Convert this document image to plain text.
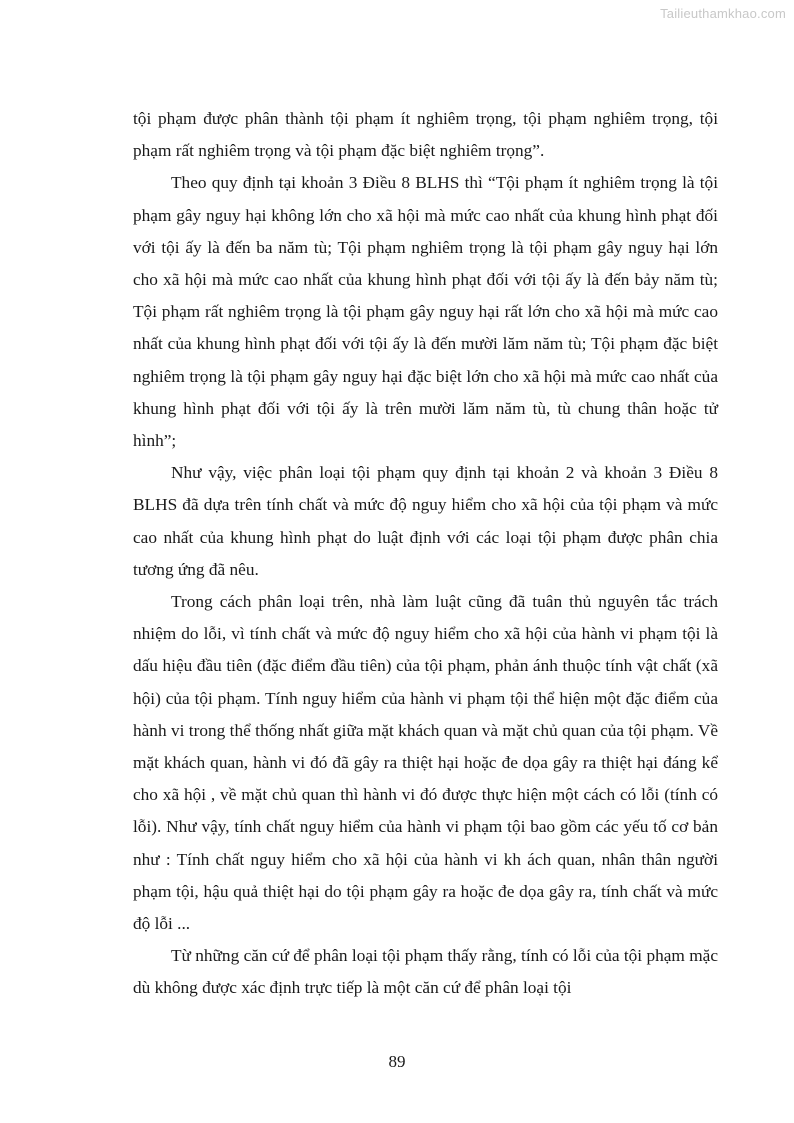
Tailieuthamkhao.com

tội phạm được phân thành tội phạm ít nghiêm trọng, tội phạm nghiêm trọng, tội phạm rất nghiêm trọng và tội phạm đặc biệt nghiêm trọng”.

Theo quy định tại khoản 3 Điều 8 BLHS thì “Tội phạm ít nghiêm trọng là tội phạm gây nguy hại không lớn cho xã hội mà mức cao nhất của khung hình phạt đối với tội ấy là đến ba năm tù; Tội phạm nghiêm trọng là tội phạm gây nguy hại lớn cho xã hội mà mức cao nhất của khung hình phạt đối với tội ấy là đến bảy năm tù; Tội phạm rất nghiêm trọng là tội phạm gây nguy hại rất lớn cho xã hội mà mức cao nhất của khung hình phạt đối với tội ấy là đến mười lăm năm tù; Tội phạm đặc biệt nghiêm trọng là tội phạm gây nguy hại đặc biệt lớn cho xã hội mà mức cao nhất của khung hình phạt đối với tội ấy là trên mười lăm năm tù, tù chung thân hoặc tử hình”;

Như vậy, việc phân loại tội phạm quy định tại khoản 2 và khoản 3 Điều 8 BLHS đã dựa trên tính chất và mức độ nguy hiểm cho xã hội của tội phạm và mức cao nhất của khung hình phạt do luật định với các loại tội phạm được phân chia tương ứng đã nêu.

Trong cách phân loại trên, nhà làm luật cũng đã tuân thủ nguyên tắc trách nhiệm do lỗi, vì tính chất và mức độ nguy hiểm cho xã hội của hành vi phạm tội là dấu hiệu đầu tiên (đặc điểm đầu tiên) của tội phạm, phản ánh thuộc tính vật chất (xã hội) của tội phạm. Tính nguy hiểm của hành vi phạm tội thể hiện một đặc điểm của hành vi trong thể thống nhất giữa mặt khách quan và mặt chủ quan của tội phạm. Về mặt khách quan, hành vi đó đã gây ra thiệt hại hoặc đe dọa gây ra thiệt hại đáng kể cho xã hội , về mặt chủ quan thì hành vi đó được thực hiện một cách có lỗi (tính có lỗi). Như vậy, tính chất nguy hiểm của hành vi phạm tội bao gồm các yếu tố cơ bản như : Tính chất nguy hiểm cho xã hội của hành vi kh ách quan, nhân thân người phạm tội, hậu quả thiệt hại do tội phạm gây ra hoặc đe dọa gây ra, tính chất và mức độ lỗi ...

Từ những căn cứ để phân loại tội phạm thấy rằng, tính có lỗi của tội phạm mặc dù không được xác định trực tiếp là một căn cứ để phân loại tội

89
